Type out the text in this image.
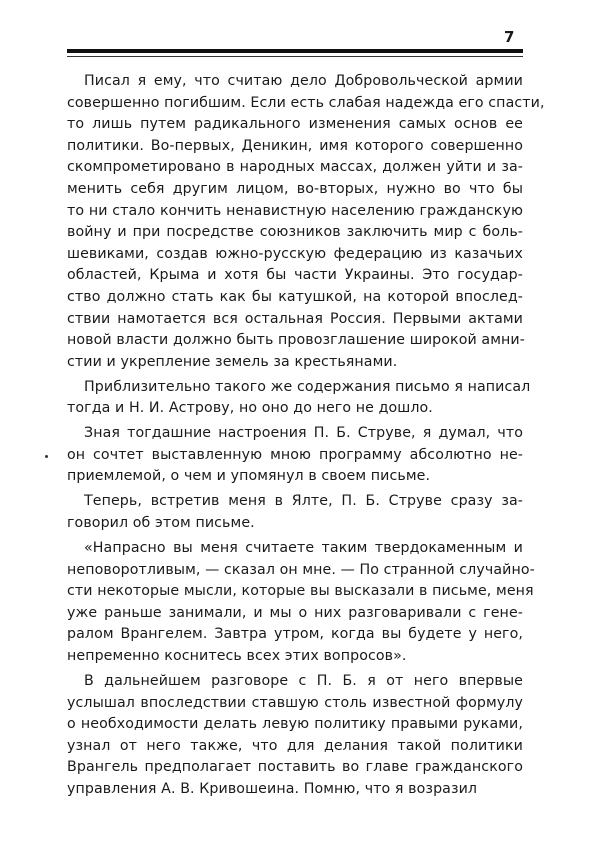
7
Писал я ему, что считаю дело Добровольческой армии
совершенно погибшим. Если есть слабая надежда его спасти,
то лишь путем радикального изменения самых основ ее
политики. Во-первых, Деникин, имя которого совершенно
скомпрометировано в народных массах, должен уйти и за-
менить себя другим лицом, во-вторых, нужно во что бы
то ни стало кончить ненавистную населению гражданскую
войну и при посредстве союзников заключить мир с боль-
шевиками, создав южно-русскую федерацию из казачьих
областей, Крыма и хотя бы части Украины. Это государ-
ство должно стать как бы катушкой, на которой впослед-
ствии намотается вся остальная Россия. Первыми актами
новой власти должно быть провозглашение широкой амни-
стии и укрепление земель за крестьянами.
Приблизительно такого же содержания письмо я написал
тогда и Н. И. Астрову, но оно до него не дошло.
Зная тогдашние настроения П. Б. Струве, я думал, что
он сочтет выставленную мною программу абсолютно не-
приемлемой, о чем и упомянул в своем письме.
Теперь, встретив меня в Ялте, П. Б. Струве сразу за-
говорил об этом письме.
«Напрасно вы меня считаете таким твердокаменным и
неповоротливым, — сказал он мне. — По странной случайно-
сти некоторые мысли, которые вы высказали в письме, меня
уже раньше занимали, и мы о них разговаривали с гене-
ралом Врангелем. Завтра утром, когда вы будете у него,
непременно коснитесь всех этих вопросов».
В дальнейшем разговоре с П. Б. я от него впервые
услышал впоследствии ставшую столь известной формулу
о необходимости делать левую политику правыми руками,
узнал от него также, что для делания такой политики
Врангель предполагает поставить во главе гражданского
управления А. В. Кривошеина. Помню, что я возразил
